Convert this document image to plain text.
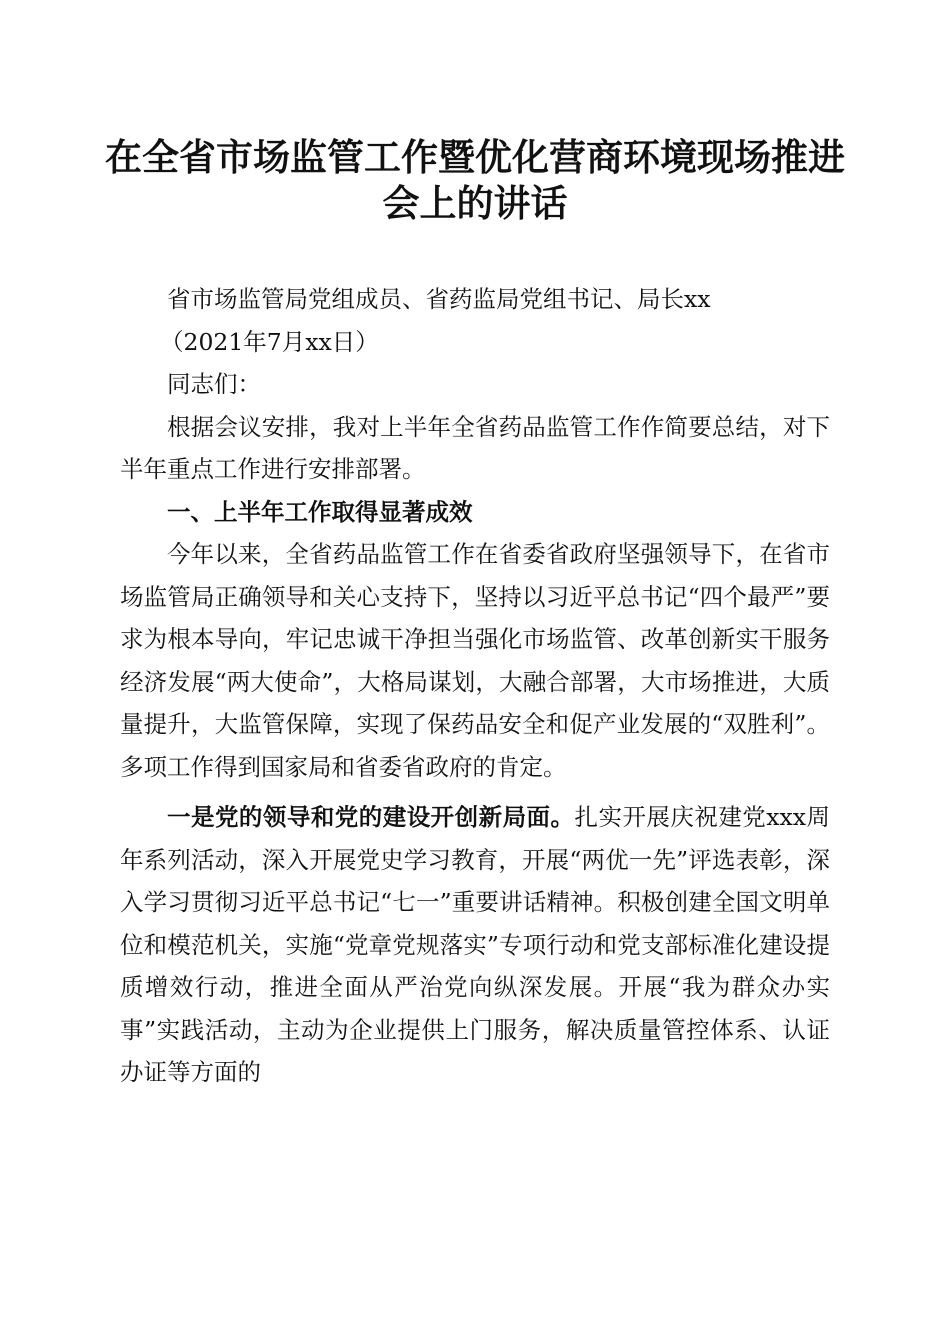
在全省市场监管工作暨优化营商环境现场推进
会上的讲话

省市场监管局党组成员、省药监局党组书记、局长xx

（2021年7月xx日）

同志们：

根据会议安排，我对上半年全省药品监管工作作简要总结，对下半年重点工作进行安排部署。

一、上半年工作取得显著成效

今年以来，全省药品监管工作在省委省政府坚强领导下，在省市场监管局正确领导和关心支持下，坚持以习近平总书记“四个最严”要求为根本导向，牢记忠诚干净担当强化市场监管、改革创新实干服务经济发展“两大使命”，大格局谋划，大融合部署，大市场推进，大质量提升，大监管保障，实现了保药品安全和促产业发展的“双胜利”。多项工作得到国家局和省委省政府的肯定。

一是党的领导和党的建设开创新局面。扎实开展庆祝建党xxx周年系列活动，深入开展党史学习教育，开展“两优一先”评选表彰，深入学习贯彻习近平总书记“七一”重要讲话精神。积极创建全国文明单位和模范机关，实施“党章党规落实”专项行动和党支部标准化建设提质增效行动，推进全面从严治党向纵深发展。开展“我为群众办实事”实践活动，主动为企业提供上门服务，解决质量管控体系、认证办证等方面的
